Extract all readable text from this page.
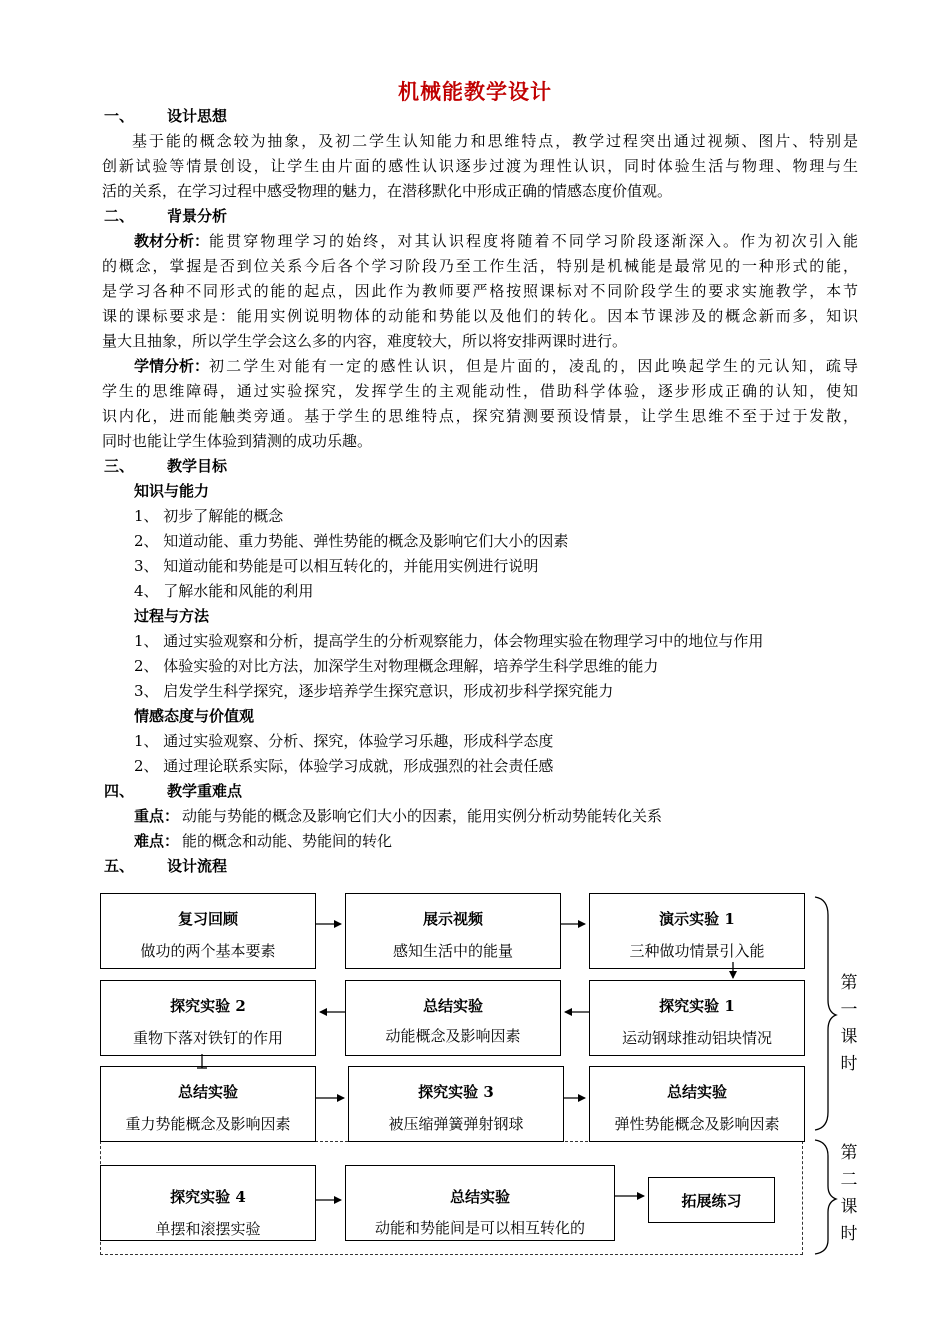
机械能教学设计
一、 设计思想
基于能的概念较为抽象，及初二学生认知能力和思维特点，教学过程突出通过视频、图片、特别是
创新试验等情景创设，让学生由片面的感性认识逐步过渡为理性认识，同时体验生活与物理、物理与生
活的关系，在学习过程中感受物理的魅力，在潜移默化中形成正确的情感态度价值观。
二、 背景分析
教材分析： 能贯穿物理学习的始终，对其认识程度将随着不同学习阶段逐渐深入。作为初次引入能
的概念，掌握是否到位关系今后各个学习阶段乃至工作生活，特别是机械能是最常见的一种形式的能，
是学习各种不同形式的能的起点，因此作为教师要严格按照课标对不同阶段学生的要求实施教学，本节
课的课标要求是：能用实例说明物体的动能和势能以及他们的转化。因本节课涉及的概念新而多，知识
量大且抽象，所以学生学会这么多的内容，难度较大，所以将安排两课时进行。
学情分析： 初二学生对能有一定的感性认识，但是片面的，凌乱的，因此唤起学生的元认知，疏导
学生的思维障碍，通过实验探究，发挥学生的主观能动性，借助科学体验，逐步形成正确的认知，使知
识内化，进而能触类旁通。基于学生的思维特点，探究猜测要预设情景，让学生思维不至于过于发散，
同时也能让学生体验到猜测的成功乐趣。
三、 教学目标
知识与能力
1、 初步了解能的概念
2、 知道动能、重力势能、弹性势能的概念及影响它们大小的因素
3、 知道动能和势能是可以相互转化的，并能用实例进行说明
4、 了解水能和风能的利用
过程与方法
1、 通过实验观察和分析，提高学生的分析观察能力，体会物理实验在物理学习中的地位与作用
2、 体验实验的对比方法，加深学生对物理概念理解，培养学生科学思维的能力
3、 启发学生科学探究，逐步培养学生探究意识，形成初步科学探究能力
情感态度与价值观
1、 通过实验观察、分析、探究，体验学习乐趣，形成科学态度
2、 通过理论联系实际，体验学习成就，形成强烈的社会责任感
四、 教学重难点
重点： 动能与势能的概念及影响它们大小的因素，能用实例分析动势能转化关系
难点： 能的概念和动能、势能间的转化
五、 设计流程
复习回顾
做功的两个基本要素
展示视频
感知生活中的能量
演示实验 1
三种做功情景引入能
探究实验 2
重物下落对铁钉的作用
总结实验
动能概念及影响因素
探究实验 1
运动钢球推动铝块情况
总结实验
重力势能概念及影响因素
探究实验 3
被压缩弹簧弹射钢球
总结实验
弹性势能概念及影响因素
探究实验 4
单摆和滚摆实验
总结实验
动能和势能间是可以相互转化的
拓展练习
第
一
课
时
第
二
课
时
